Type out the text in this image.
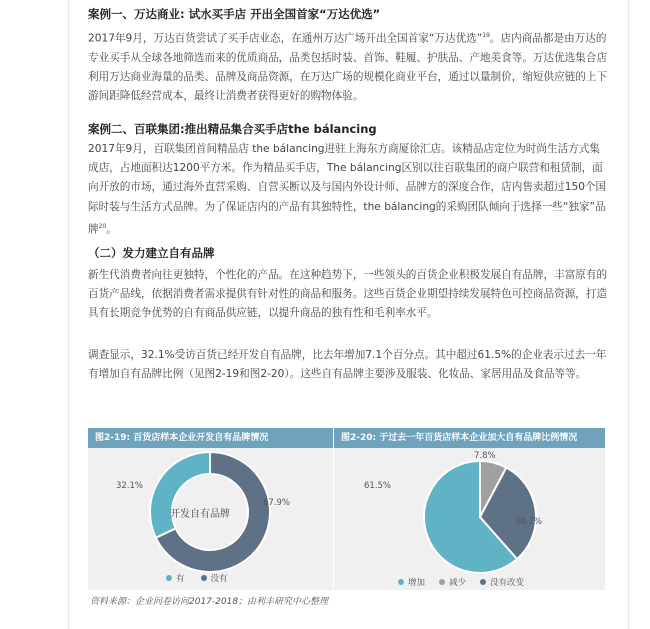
案例一、万达商业: 试水买手店 开出全国首家“万达优选”
2017年9月，万达百货尝试了买手店业态，在通州万达广场开出全国首家“万达优选”$^{19}$。店内商品都是由万达的专业买手从全球各地筛选而来的优质商品，品类包括时装、首饰、鞋履、护肤品、产地美食等。万达优选集合店利用万达商业海量的品类、品牌及商品资源，在万达广场的规模化商业平台，通过以量制价，缩短供应链的上下游间距降低经营成本，最终让消费者获得更好的购物体验。
案例二、百联集团:推出精品集合买手店the bálancing
2017年9月，百联集团首间精品店 the bálancing进驻上海东方商厦徐汇店。该精品店定位为时尚生活方式集成店，占地面积达1200平方米。作为精品买手店，The bálancing区别以往百联集团的商户联营和租赁制，面向开放的市场，通过海外直营采购、自营买断以及与国内外设计师、品牌方的深度合作，店内售卖超过150个国际时装与生活方式品牌。为了保证店内的产品有其独特性，the bálancing的采购团队倾向于选择一些“独家”品牌$^{20}$。
（二）发力建立自有品牌
新生代消费者向往更独特，个性化的产品。在这种趋势下，一些领头的百货企业积极发展自有品牌，丰富原有的百货产品线，依据消费者需求提供有针对性的商品和服务。这些百货企业期望持续发展特色可控商品资源，打造具有长期竞争优势的自有商品供应链，以提升商品的独有性和毛利率水平。
调查显示，32.1%受访百货已经开发自有品牌，比去年增加7.1个百分点。其中超过61.5%的企业表示过去一年有增加自有品牌比例（见图2-19和图2-20）。这些自有品牌主要涉及服装、化妆品、家居用品及食品等等。
图2-19: 百货店样本企业开发自有品牌情况	图2-20: 于过去一年百货店样本企业加大自有品牌比例情况
开发自有品牌
32.1%
67.9%
61.5%
7.8%
30.7%
有	没有	增加	减少	没有改变
资料来源：企业问卷访问2017-2018；由利丰研究中心整理
